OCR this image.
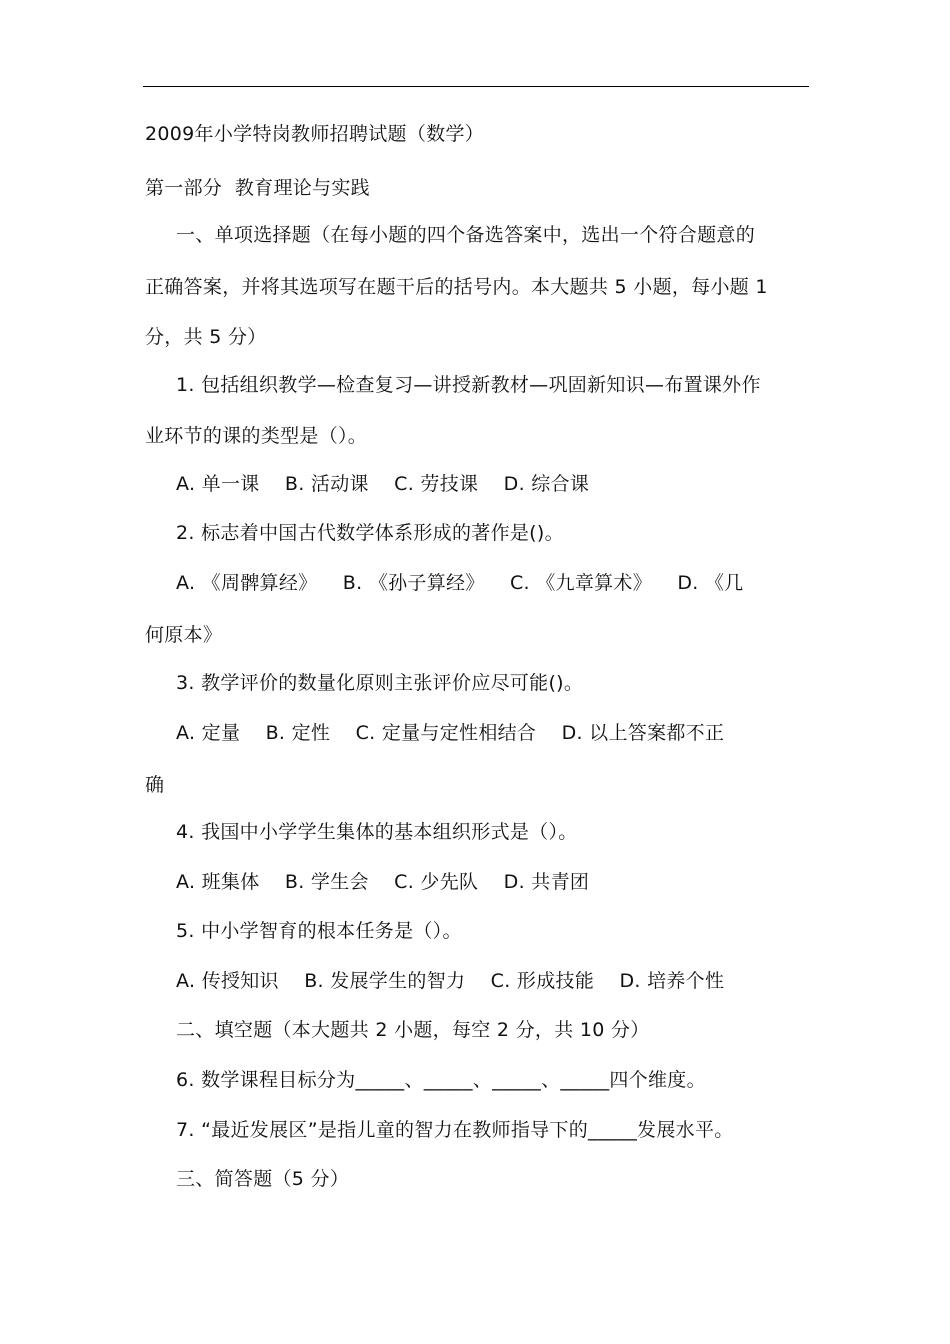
2009年小学特岗教师招聘试题（数学）
第一部分  教育理论与实践
一、单项选择题（在每小题的四个备选答案中，选出一个符合题意的
正确答案，并将其选项写在题干后的括号内。本大题共 5 小题，每小题 1
分，共 5 分）
1. 包括组织教学—检查复习—讲授新教材—巩固新知识—布置课外作
业环节的课的类型是（）。
A. 单一课    B. 活动课    C. 劳技课    D. 综合课
2. 标志着中国古代数学体系形成的著作是()。
A. 《周髀算经》    B. 《孙子算经》    C. 《九章算术》    D. 《几
何原本》
3. 教学评价的数量化原则主张评价应尽可能()。
A. 定量    B. 定性    C. 定量与定性相结合    D. 以上答案都不正
确
4. 我国中小学学生集体的基本组织形式是（）。
A. 班集体    B. 学生会    C. 少先队    D. 共青团
5. 中小学智育的根本任务是（）。
A. 传授知识    B. 发展学生的智力    C. 形成技能    D. 培养个性
二、填空题（本大题共 2 小题，每空 2 分，共 10 分）
6. 数学课程目标分为_____、_____、_____、_____四个维度。
7. “最近发展区”是指儿童的智力在教师指导下的_____发展水平。
三、简答题（5 分）
